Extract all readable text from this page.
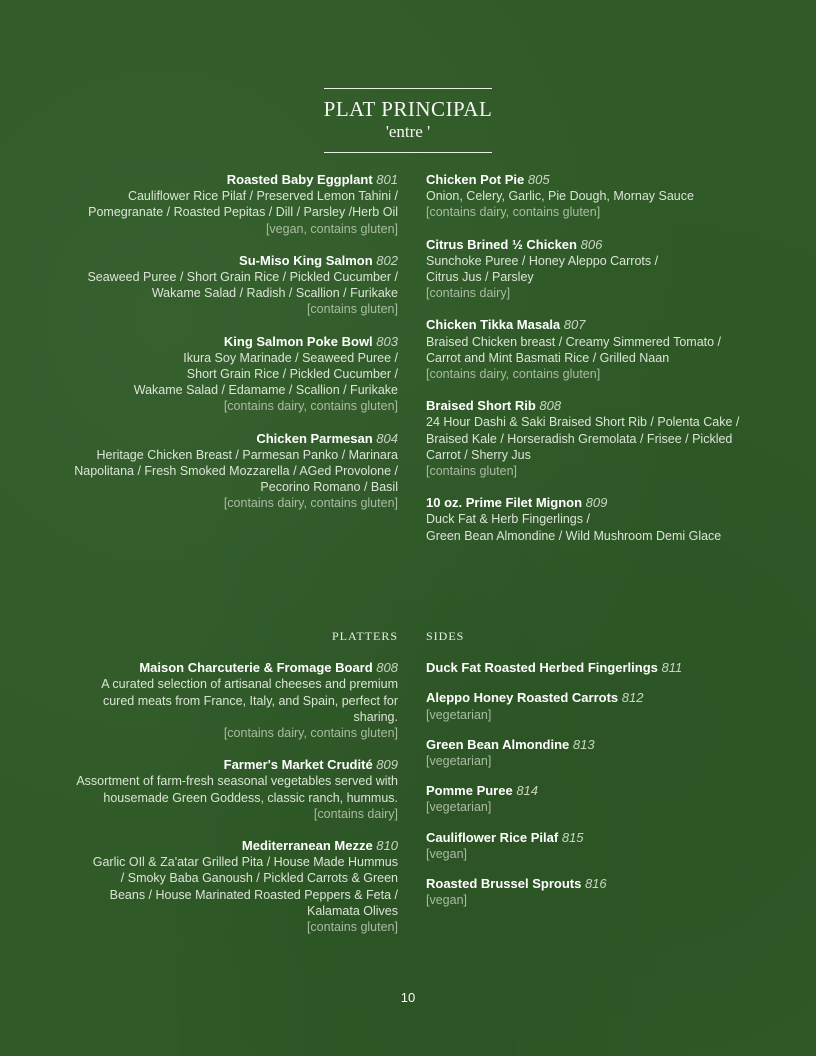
PLAT PRINCIPAL
'entre '
Roasted Baby Eggplant 801
Cauliflower Rice Pilaf / Preserved Lemon Tahini /
Pomegranate / Roasted Pepitas / Dill / Parsley /Herb Oil
[vegan, contains gluten]
Su-Miso King Salmon 802
Seaweed Puree / Short Grain Rice / Pickled Cucumber /
Wakame Salad / Radish / Scallion / Furikake
[contains gluten]
King Salmon Poke Bowl 803
Ikura Soy Marinade / Seaweed Puree /
Short Grain Rice / Pickled Cucumber /
Wakame Salad / Edamame / Scallion / Furikake
[contains dairy, contains gluten]
Chicken Parmesan 804
Heritage Chicken Breast / Parmesan Panko / Marinara
Napolitana / Fresh Smoked Mozzarella / AGed Provolone /
Pecorino Romano / Basil
[contains dairy, contains gluten]
Chicken Pot Pie 805
Onion, Celery, Garlic, Pie Dough, Mornay Sauce
[contains dairy, contains gluten]
Citrus Brined ½ Chicken 806
Sunchoke Puree / Honey Aleppo Carrots /
Citrus Jus / Parsley
[contains dairy]
Chicken Tikka Masala 807
Braised Chicken breast / Creamy Simmered Tomato /
Carrot and Mint Basmati Rice / Grilled Naan
[contains dairy, contains gluten]
Braised Short Rib 808
24 Hour Dashi & Saki Braised Short Rib / Polenta Cake /
Braised Kale / Horseradish Gremolata / Frisee / Pickled
Carrot / Sherry Jus
[contains gluten]
10 oz. Prime Filet Mignon 809
Duck Fat & Herb Fingerlings /
Green Bean Almondine / Wild Mushroom Demi Glace
PLATTERS
Maison Charcuterie & Fromage Board 808
A curated selection of artisanal cheeses and premium
cured meats from France, Italy, and Spain, perfect for
sharing.
[contains dairy, contains gluten]
Farmer's Market Crudité 809
Assortment of farm-fresh seasonal vegetables served with
housemade Green Goddess, classic ranch, hummus.
[contains dairy]
Mediterranean Mezze 810
Garlic OIl & Za'atar Grilled Pita / House Made Hummus
/ Smoky Baba Ganoush / Pickled Carrots & Green
Beans / House Marinated Roasted Peppers & Feta /
Kalamata Olives
[contains gluten]
SIDES
Duck Fat Roasted Herbed Fingerlings 811
Aleppo Honey Roasted Carrots 812
[vegetarian]
Green Bean Almondine 813
[vegetarian]
Pomme Puree 814
[vegetarian]
Cauliflower Rice Pilaf 815
[vegan]
Roasted Brussel Sprouts 816
[vegan]
10
